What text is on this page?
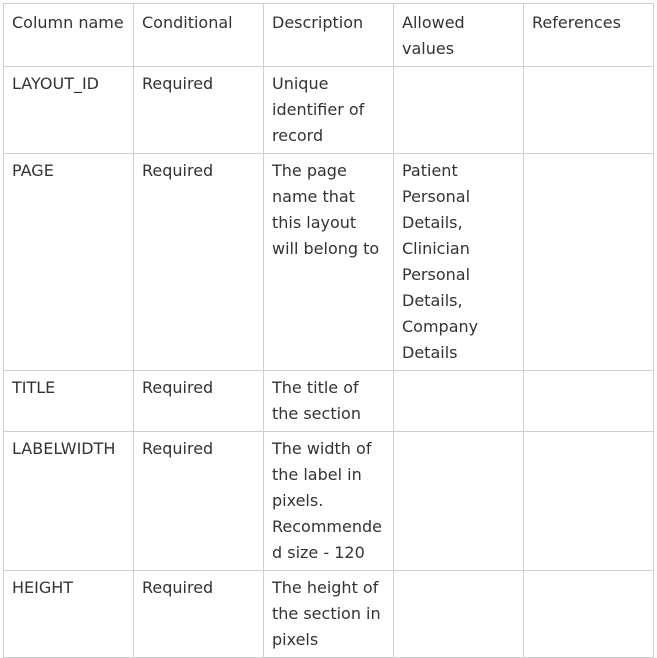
Column name	Conditional	Description	Allowed values	References
LAYOUT_ID	Required	Unique identifier of record		
PAGE	Required	The page name that this layout will belong to	Patient Personal Details, Clinician Personal Details, Company Details	
TITLE	Required	The title of the section		
LABELWIDTH	Required	The width of the label in pixels. Recommended size - 120		
HEIGHT	Required	The height of the section in pixels		
